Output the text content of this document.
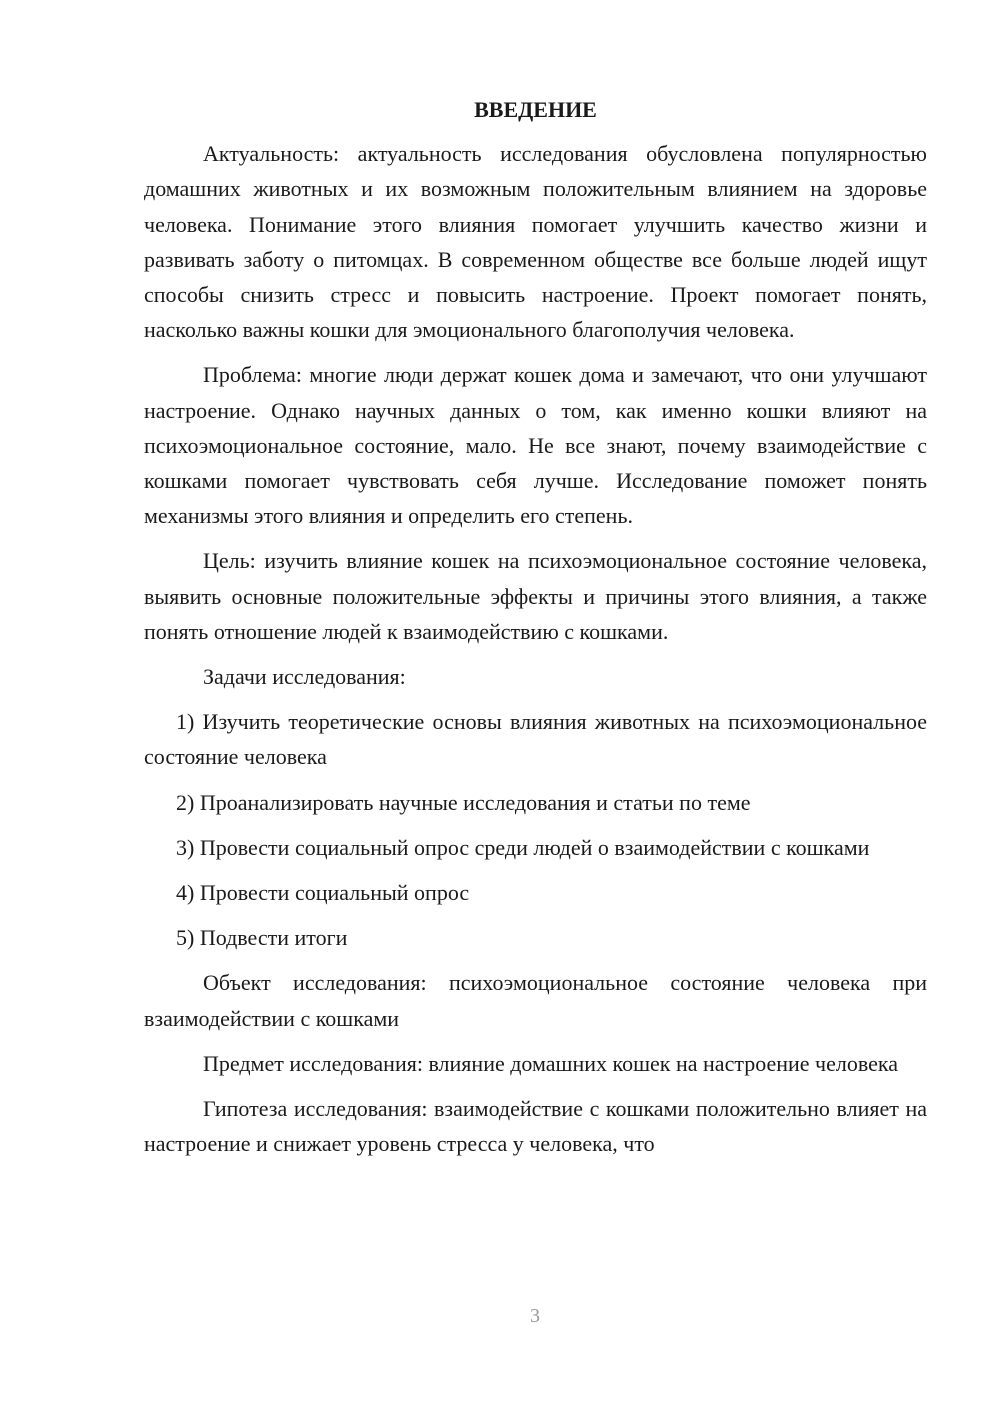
ВВЕДЕНИЕ

Актуальность: актуальность исследования обусловлена популярностью домашних животных и их возможным положительным влиянием на здоровье человека. Понимание этого влияния помогает улучшить качество жизни и развивать заботу о питомцах. В современном обществе все больше людей ищут способы снизить стресс и повысить настроение. Проект помогает понять, насколько важны кошки для эмоционального благополучия человека.

Проблема: многие люди держат кошек дома и замечают, что они улучшают настроение. Однако научных данных о том, как именно кошки влияют на психоэмоциональное состояние, мало. Не все знают, почему взаимодействие с кошками помогает чувствовать себя лучше. Исследование поможет понять механизмы этого влияния и определить его степень.

Цель: изучить влияние кошек на психоэмоциональное состояние человека, выявить основные положительные эффекты и причины этого влияния, а также понять отношение людей к взаимодействию с кошками.

Задачи исследования:

1) Изучить теоретические основы влияния животных на психоэмоциональное состояние человека

2) Проанализировать научные исследования и статьи по теме

3) Провести социальный опрос среди людей о взаимодействии с кошками

4) Провести социальный опрос

5) Подвести итоги

Объект исследования: психоэмоциональное состояние человека при взаимодействии с кошками

Предмет исследования: влияние домашних кошек на настроение человека

Гипотеза исследования: взаимодействие с кошками положительно влияет на настроение и снижает уровень стресса у человека, что

3
